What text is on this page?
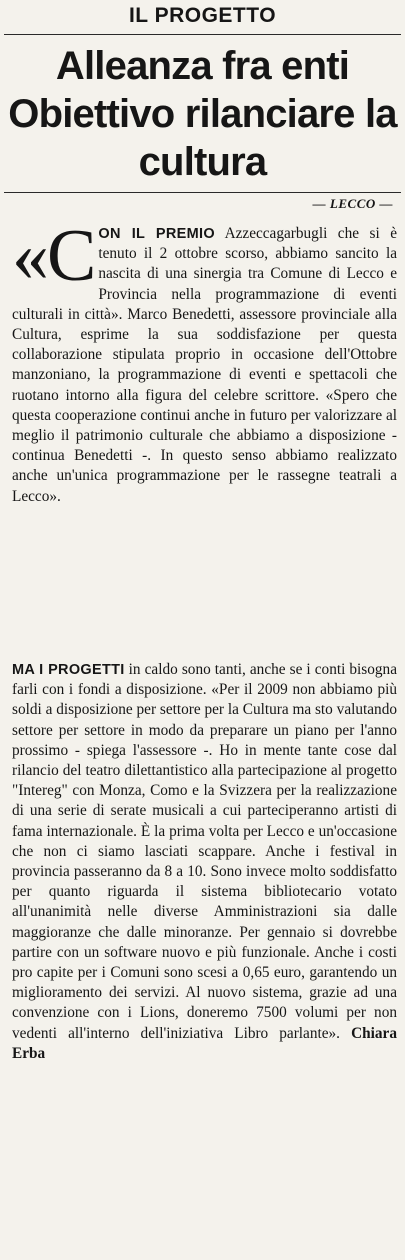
IL PROGETTO
Alleanza fra enti Obiettivo rilanciare la cultura
— LECCO —
«CON IL PREMIO Azzeccagarbugli che si è tenuto il 2 ottobre scorso, abbiamo sancito la nascita di una sinergia tra Comune di Lecco e Provincia nella programmazione di eventi culturali in città». Marco Benedetti, assessore provinciale alla Cultura, esprime la sua soddisfazione per questa collaborazione stipulata proprio in occasione dell'Ottobre manzoniano, la programmazione di eventi e spettacoli che ruotano intorno alla figura del celebre scrittore. «Spero che questa cooperazione continui anche in futuro per valorizzare al meglio il patrimonio culturale che abbiamo a disposizione - continua Benedetti -. In questo senso abbiamo realizzato anche un'unica programmazione per le rassegne teatrali a Lecco».
MA I PROGETTI in caldo sono tanti, anche se i conti bisogna farli con i fondi a disposizione. «Per il 2009 non abbiamo più soldi a disposizione per settore per la Cultura ma sto valutando settore per settore in modo da preparare un piano per l'anno prossimo - spiega l'assessore -. Ho in mente tante cose dal rilancio del teatro dilettantistico alla partecipazione al progetto "Intereg" con Monza, Como e la Svizzera per la realizzazione di una serie di serate musicali a cui parteciperanno artisti di fama internazionale. È la prima volta per Lecco e un'occasione che non ci siamo lasciati scappare. Anche i festival in provincia passeranno da 8 a 10. Sono invece molto soddisfatto per quanto riguarda il sistema bibliotecario votato all'unanimità nelle diverse Amministrazioni sia dalle maggioranze che dalle minoranze. Per gennaio si dovrebbe partire con un software nuovo e più funzionale. Anche i costi pro capite per i Comuni sono scesi a 0,65 euro, garantendo un miglioramento dei servizi. Al nuovo sistema, grazie ad una convenzione con i Lions, doneremo 7500 volumi per non vedenti all'interno dell'iniziativa Libro parlante». Chiara Erba
